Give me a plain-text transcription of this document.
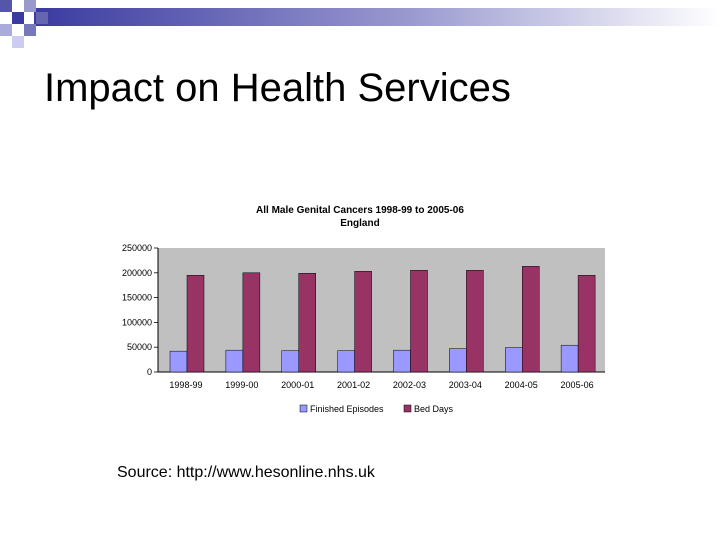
Impact on Health Services
All Male Genital Cancers 1998-99 to 2005-06
England
250000
200000
150000
100000
50000
0
1998-99	1999-00	2000-01	2001-02	2002-03	2003-04	2004-05	2005-06
Finished Episodes	Bed Days
Source: http://www.hesonline.nhs.uk
